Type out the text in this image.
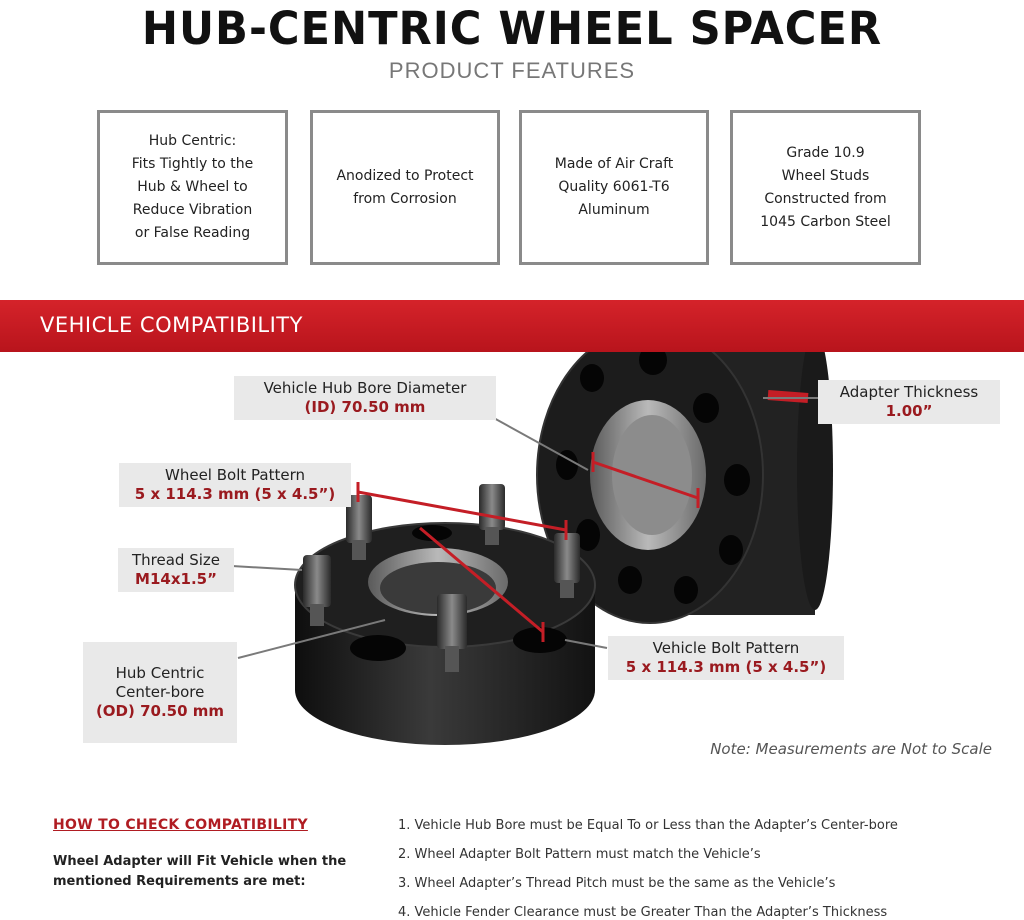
HUB-CENTRIC WHEEL SPACER
PRODUCT FEATURES
Hub Centric:
Fits Tightly to the
Hub & Wheel to
Reduce Vibration
or False Reading
Anodized to Protect
from Corrosion
Made of Air Craft
Quality 6061-T6
Aluminum
Grade 10.9
Wheel Studs
Constructed from
1045 Carbon Steel
VEHICLE COMPATIBILITY
Vehicle Hub Bore Diameter
(ID) 70.50 mm
Adapter Thickness
1.00”
Wheel Bolt Pattern
5 x 114.3 mm (5 x 4.5”)
Thread Size
M14x1.5”

Hub Centric
Center-bore

(OD) 70.50 mm

Vehicle Bolt Pattern
5 x 114.3 mm (5 x 4.5”)
Note: Measurements are Not to Scale
HOW TO CHECK COMPATIBILITY
Wheel Adapter will Fit Vehicle when the mentioned Requirements are met:
1. Vehicle Hub Bore must be Equal To or Less than the Adapter’s Center-bore
2. Wheel Adapter Bolt Pattern must match the Vehicle’s
3. Wheel Adapter’s Thread Pitch must be the same as the Vehicle’s
4. Vehicle Fender Clearance must be Greater Than the Adapter’s Thickness
